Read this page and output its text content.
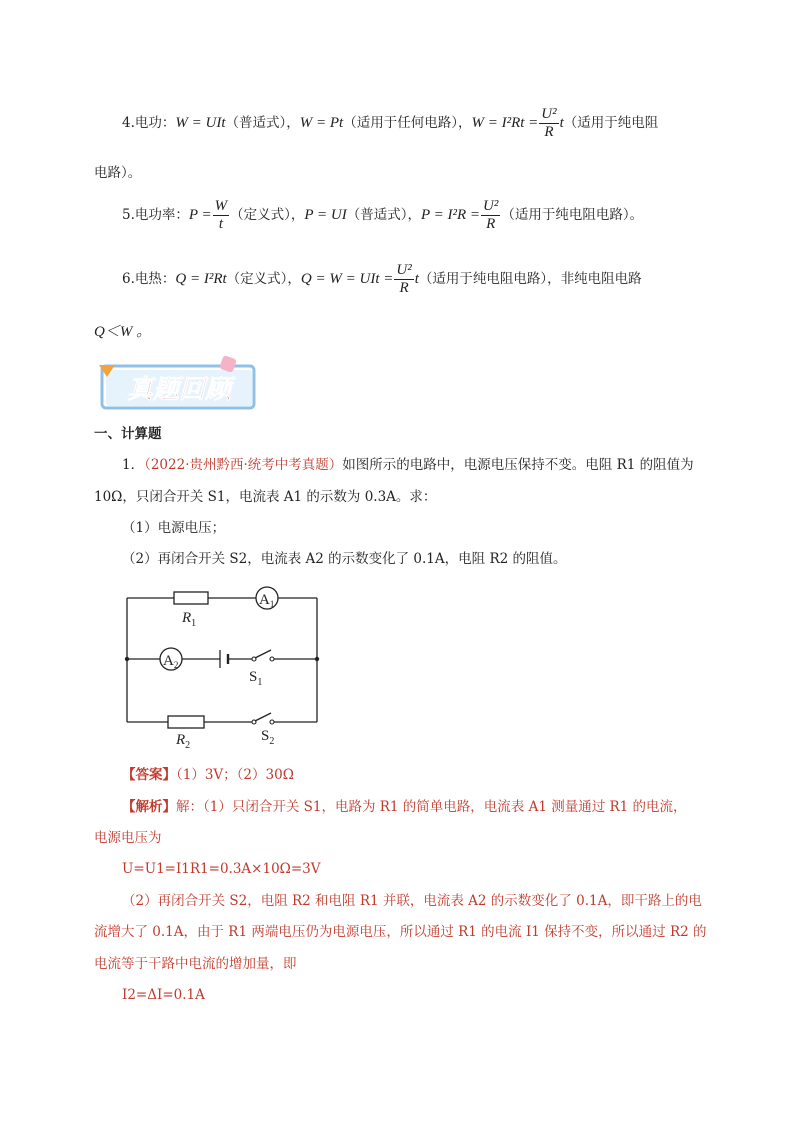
4.电功：W = UIt（普适式），W = Pt（适用于任何电路），$W = I^2Rt = \frac{\text{U²}}{R} t$（适用于纯电阻
电路）。
5.电功率：$P = \frac{W}{t}$ （定义式），P = UI（普适式），$P = I^2R = \frac{\text{U²}}{R}$ （适用于纯电阻电路）。
6.电热：Q = I²Rt（定义式），Q = W = UIt = $\frac{\text{U²}}{R} t$（适用于纯电阻电路），非纯电阻电路
Q＜W 。
真题回顾
一、计算题
1．（2022·贵州黔西·统考中考真题）如图所示的电路中，电源电压保持不变。电阻 R1 的阻值为
10Ω，只闭合开关 S1，电流表 A1 的示数为 0.3A。求：
（1）电源电压；
（2）再闭合开关 S2，电流表 A2 的示数变化了 0.1A，电阻 R2 的阻值。
$R_1$
$A_1$
$A_2$
$S_1$
$R_2$
$S_2$
【答案】（1）3V；（2）30Ω
【解析】解：（1）只闭合开关 S1，电路为 R1 的简单电路，电流表 A1 测量通过 R1 的电流，
电源电压为
U=U1=I1R1=0.3A×10Ω=3V
（2）再闭合开关 S2，电阻 R2 和电阻 R1 并联，电流表 A2 的示数变化了 0.1A，即干路上的电
流增大了 0.1A，由于 R1 两端电压仍为电源电压，所以通过 R1 的电流 I1 保持不变，所以通过 R2 的
电流等于干路中电流的增加量，即
I2=ΔI=0.1A
